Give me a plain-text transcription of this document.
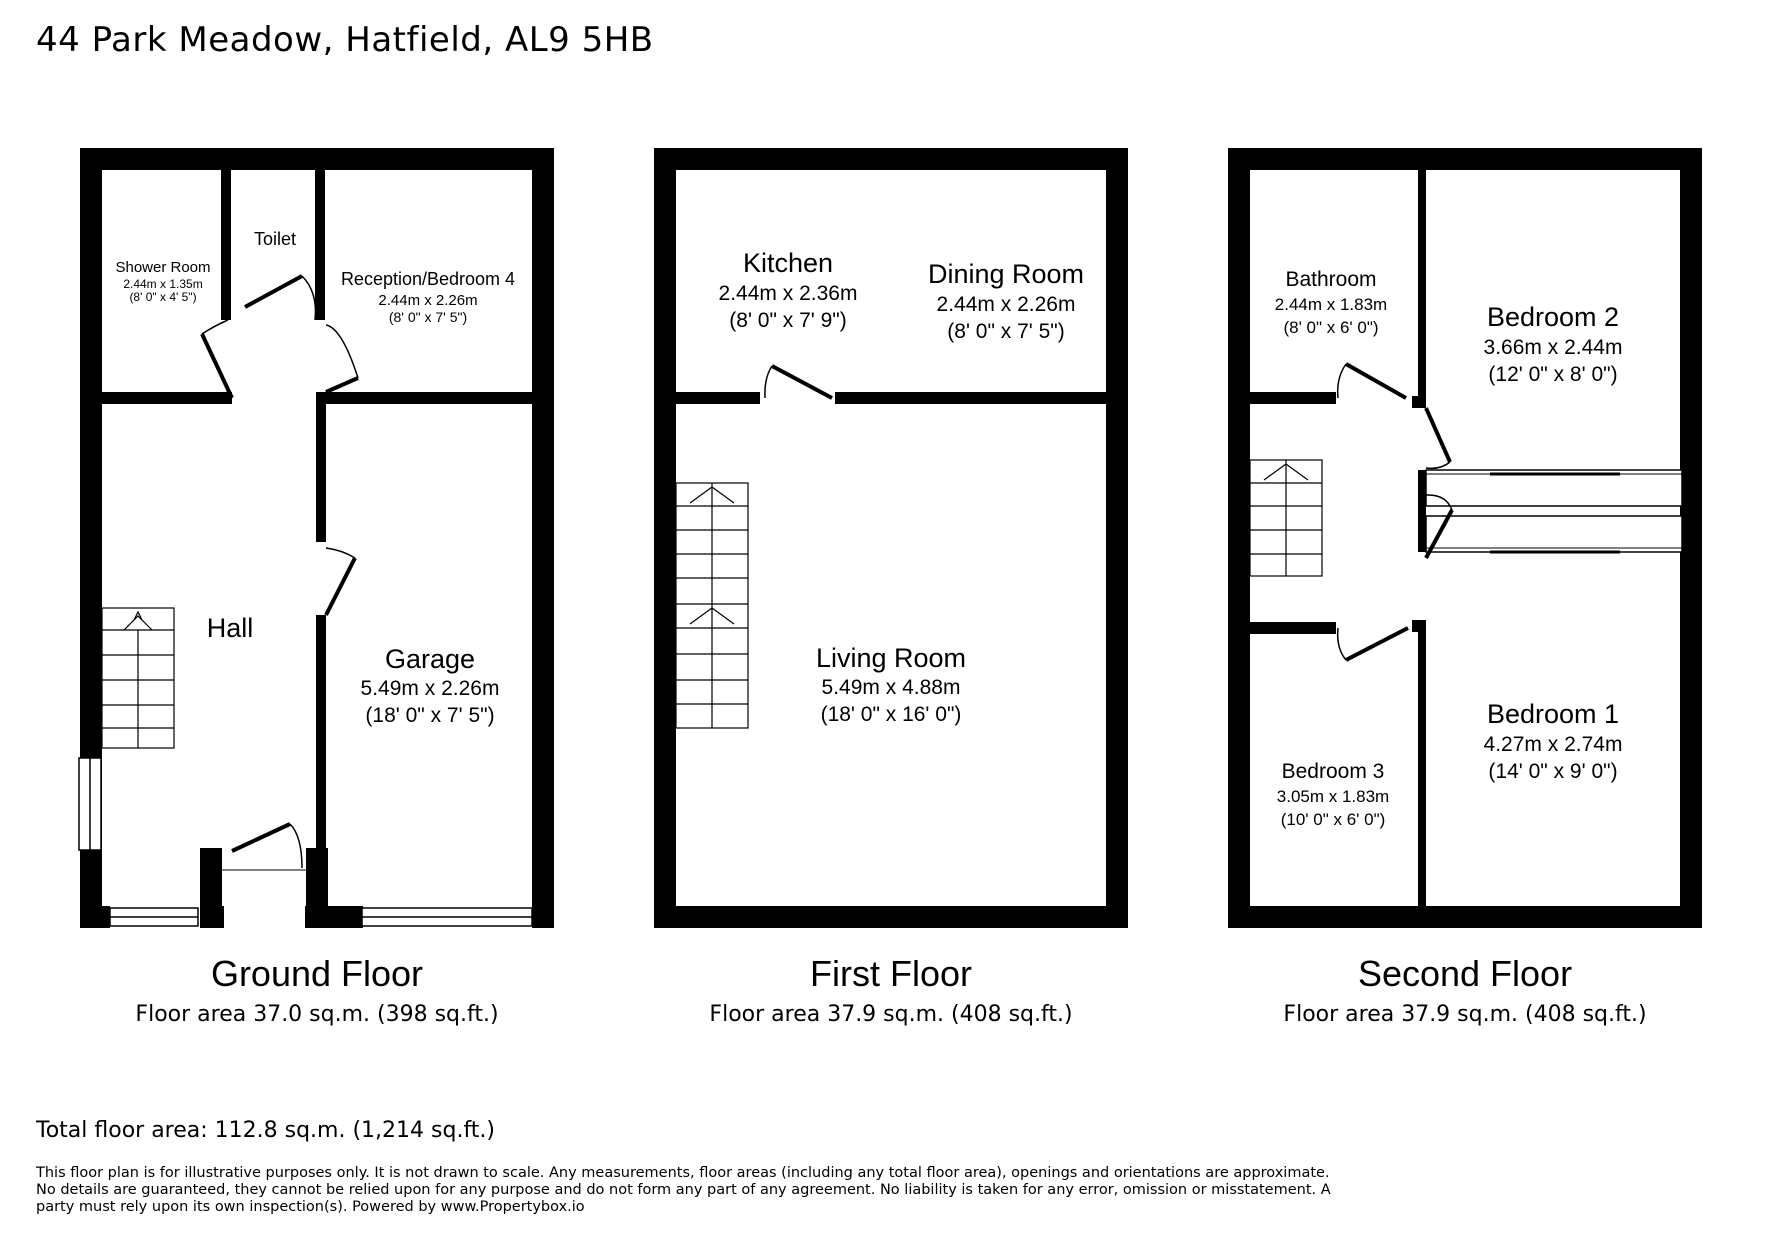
44 Park Meadow, Hatfield, AL9 5HB
Shower Room
2.44m x 1.35m
(8' 0" x 4' 5")
Toilet
Reception/Bedroom 4
2.44m x 2.26m
(8' 0" x 7' 5")
Hall
Garage
5.49m x 2.26m
(18' 0" x 7' 5")
Kitchen
2.44m x 2.36m
(8' 0" x 7' 9")
Dining Room
2.44m x 2.26m
(8' 0" x 7' 5")
Living Room
5.49m x 4.88m
(18' 0" x 16' 0")
Bathroom
2.44m x 1.83m
(8' 0" x 6' 0")	Bedroom 2
3.66m x 2.44m
(12' 0" x 8' 0")
Bedroom 3
3.05m x 1.83m
(10' 0" x 6' 0")
Bedroom 1
4.27m x 2.74m
(14' 0" x 9' 0")
Ground Floor
Floor area 37.0 sq.m. (398 sq.ft.)
First Floor
Floor area 37.9 sq.m. (408 sq.ft.)
Second Floor
Floor area 37.9 sq.m. (408 sq.ft.)
Total floor area: 112.8 sq.m. (1,214 sq.ft.)
This floor plan is for illustrative purposes only. It is not drawn to scale. Any measurements, floor areas (including any total floor area), openings and orientations are approximate. No details are guaranteed, they cannot be relied upon for any purpose and do not form any part of any agreement. No liability is taken for any error, omission or misstatement. A party must rely upon its own inspection(s). Powered by www.Propertybox.io
